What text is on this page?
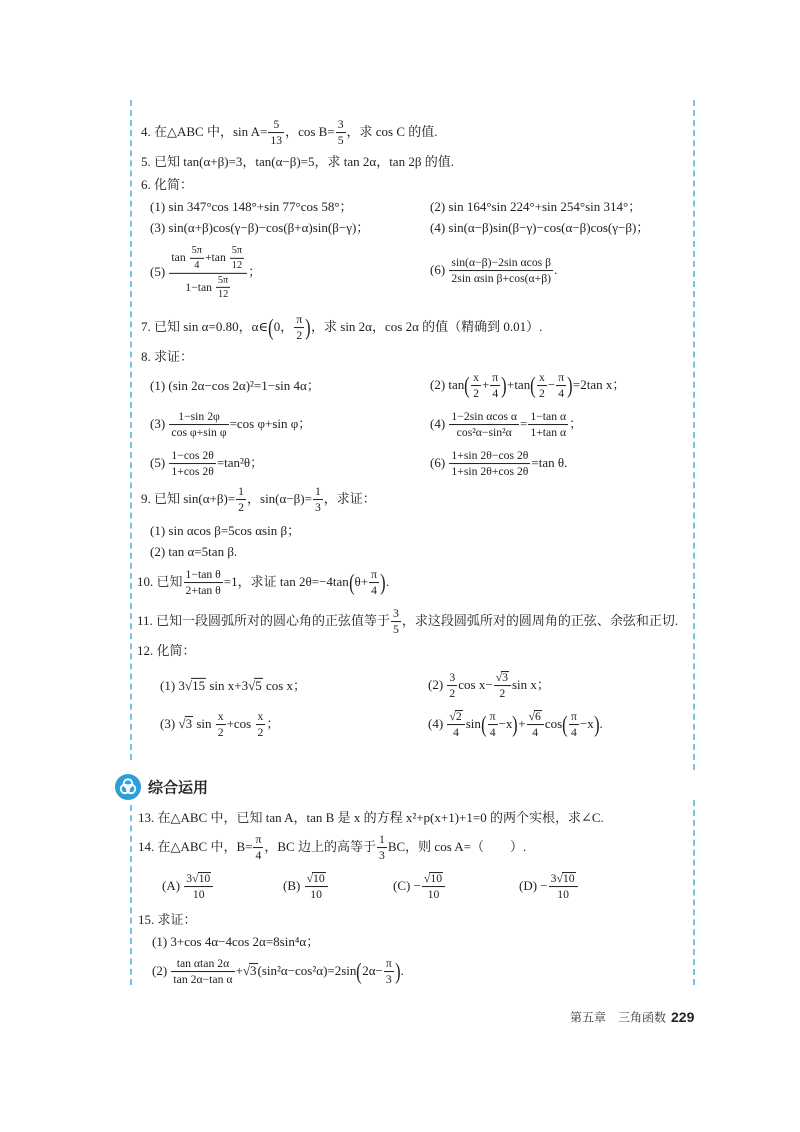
4. 在△ABC 中，$\sin A= \frac{5}{13}$ ，$\cos B= \frac{3}{5}$ ，求 cos C 的值.
5. 已知 tan(α+β)=3，tan(α−β)=5，求 tan 2α，tan 2β 的值.
6. 化简：
(1) sin 347°cos 148°+sin 77°cos 58°；	(2) sin 164°sin 224°+sin 254°sin 314°；
(3) sin(α+β)cos(γ−β)−cos(β+α)sin(β−γ)；	(4) sin(α−β)sin(β−γ)−cos(α−β)cos(γ−β)；
$(5) \frac{\tan \frac{5\pi}{4} +\tan \frac{5\pi}{12}}{1-\tan \frac{5\pi}{12}}$ ；	$(6) \frac{\text{sin(α−β)−2sin αcos β}}{\text{2sin αsin β+cos(α+β)}}$ .
7. 已知 sin α=0.80，α∈(0， $\frac{\pi}{2}$ )，求 sin 2α，cos 2α 的值（精确到 0.01）.
8. 求证：
(1) (sin 2α−cos 2α)²=1−sin 4α；	(2) $\tan( \frac{x}{2} + \frac{\pi}{4} )+\tan( \frac{x}{2} - \frac{\pi}{4} )=2\tan$ x；
$(3) \frac{1-\sin 2\varphi}{\text{cos φ+sin φ}} =\cos$ φ+sin φ；	$(4) \frac{\text{1−2sin αcos α}}{\text{cos²α−sin²α}} = \frac{\text{1−tan α}}{\text{1+tan α}}$ ；
$(5) \frac{1-\cos 2\theta}{1+\cos 2\theta} =\tan^2\theta$；	$(6) \frac{1+\sin 2\theta-\cos 2\theta}{1+\sin 2\theta+\cos 2\theta} =\tan$ θ.
9. 已知 $\sin(\alpha+\beta)= \frac{1}{2}$ ，$\sin(\alpha-\beta)= \frac{1}{3}$ ，求证：
(1) sin αcos β=5cos αsin β；
(2) tan α=5tan β.
10. 已知 $\frac{\text{1−tan θ}}{\text{2+tan θ}} =1$，求证 $\tan 2\theta=-4\tan(\theta+ \frac{\pi}{4}$ ).
11. 已知一段圆弧所对的圆心角的正弦值等于 $\frac{3}{5}$ ，求这段圆弧所对的圆周角的正弦、余弦和正切.
12. 化简：
(1) 3√15 sin x+3√5 cos x；	$(2) \frac{3}{2}$ $\cos x- \frac{√3}{2}$ sin x；
(3) √3 $\sin \frac{x}{2} +\cos \frac{x}{2}$ ；	$(4) \frac{√2}{4} \sin( \frac{\pi}{4} -x)+ \frac{√6}{4} \cos( \frac{\pi}{4} -x)$.
综合运用
13. 在△ABC 中，已知 tan A，tan B 是 x 的方程 x²+p(x+1)+1=0 的两个实根，求∠C.
14. 在△ABC 中，$B= \frac{\pi}{4}$ ，BC 边上的高等于 $\frac{1}{3}$ BC，则 cos A=（　　）.
$(A) \frac{3√10}{10}$	$(B) \frac{√10}{10}$	$(C) - \frac{√10}{10}$	$(D) - \frac{3√10}{10}$
15. 求证：
(1) 3+cos 4α−4cos 2α=8sin⁴α；
$(2) \frac{\text{tan αtan 2α}}{\text{tan 2α−tan α}} +√3(\sin^2\alpha-\cos^2\alpha)=2\sin(2\alpha- \frac{\pi}{3}$ ).
第五章　三角函数 229
